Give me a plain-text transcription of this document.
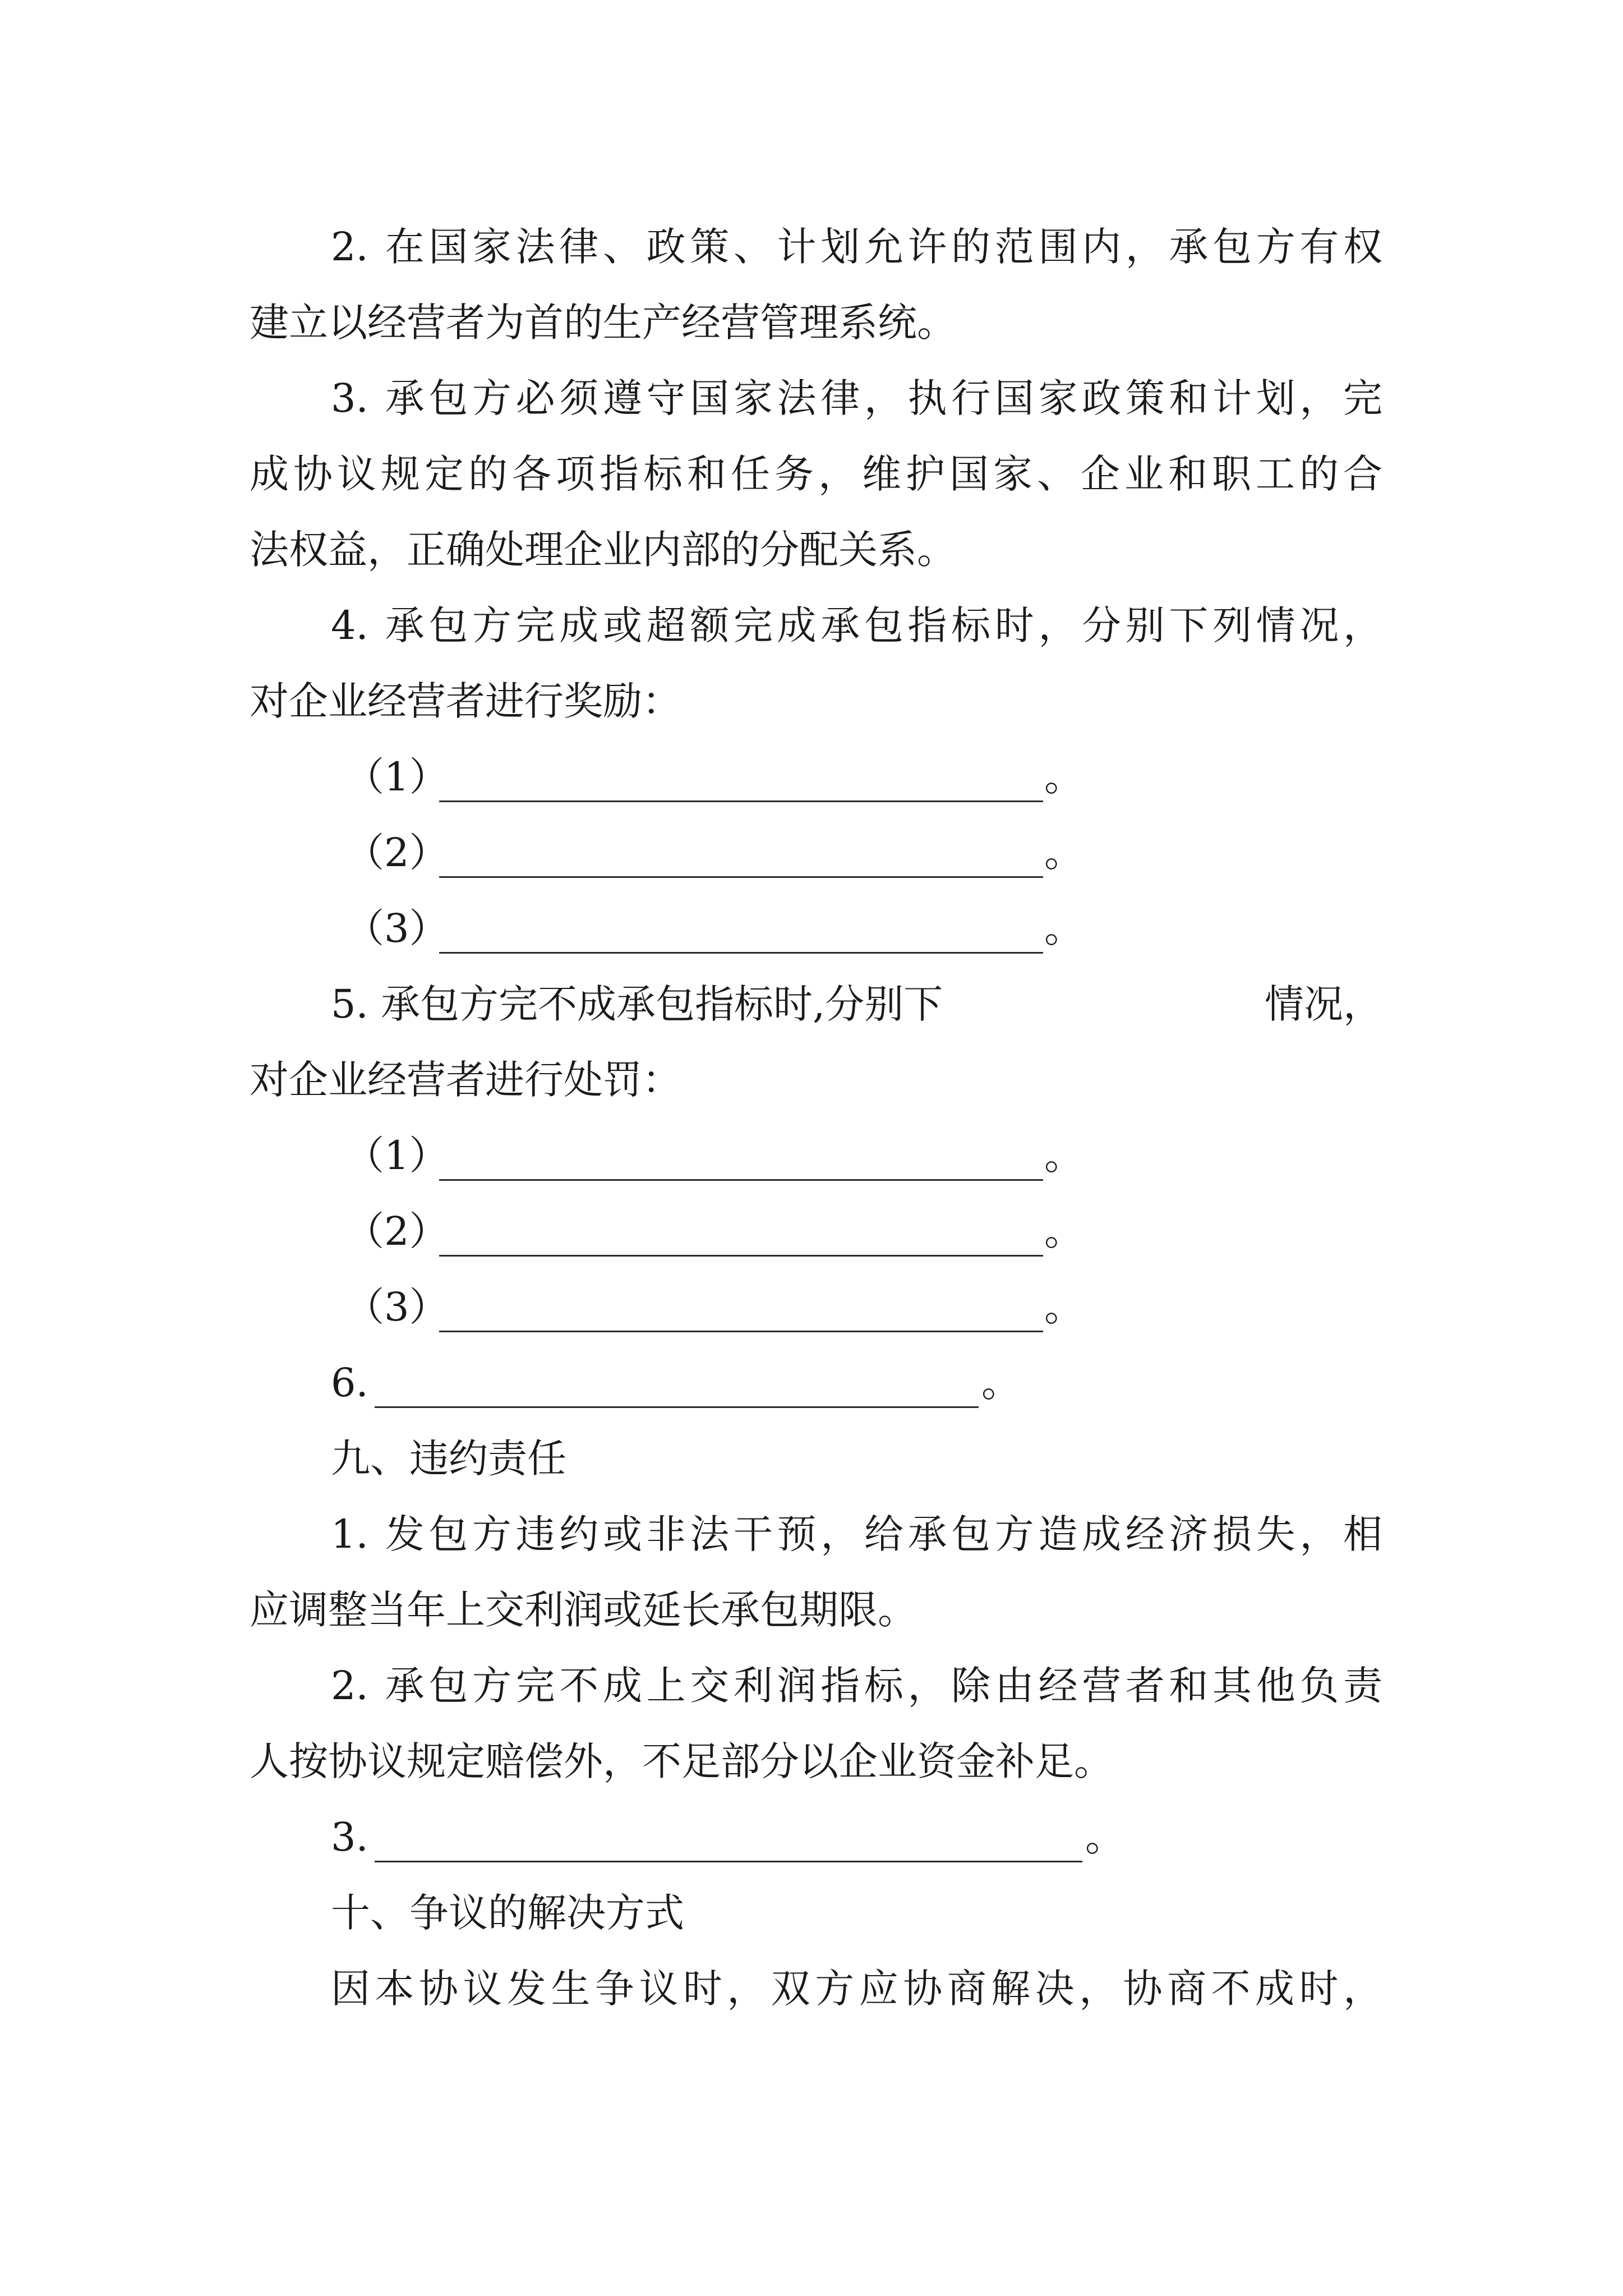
2. 在国家法律、政策、计划允许的范围内，承包方有权
建立以经营者为首的生产经营管理系统。
3. 承包方必须遵守国家法律，执行国家政策和计划，完
成协议规定的各项指标和任务，维护国家、企业和职工的合
法权益，正确处理企业内部的分配关系。
4. 承包方完成或超额完成承包指标时，分别下列情况，
对企业经营者进行奖励：
（1）	。
（2）	。
（3）	。
5. 承包方完不成承包指标时,分别下	情况，
对企业经营者进行处罚：
（1）	。
（2）	。
（3）	。
6.	。
九、违约责任
1. 发包方违约或非法干预，给承包方造成经济损失，相
应调整当年上交利润或延长承包期限。
2. 承包方完不成上交利润指标，除由经营者和其他负责
人按协议规定赔偿外，不足部分以企业资金补足。
3.	。
十、争议的解决方式
因本协议发生争议时，双方应协商解决，协商不成时，
